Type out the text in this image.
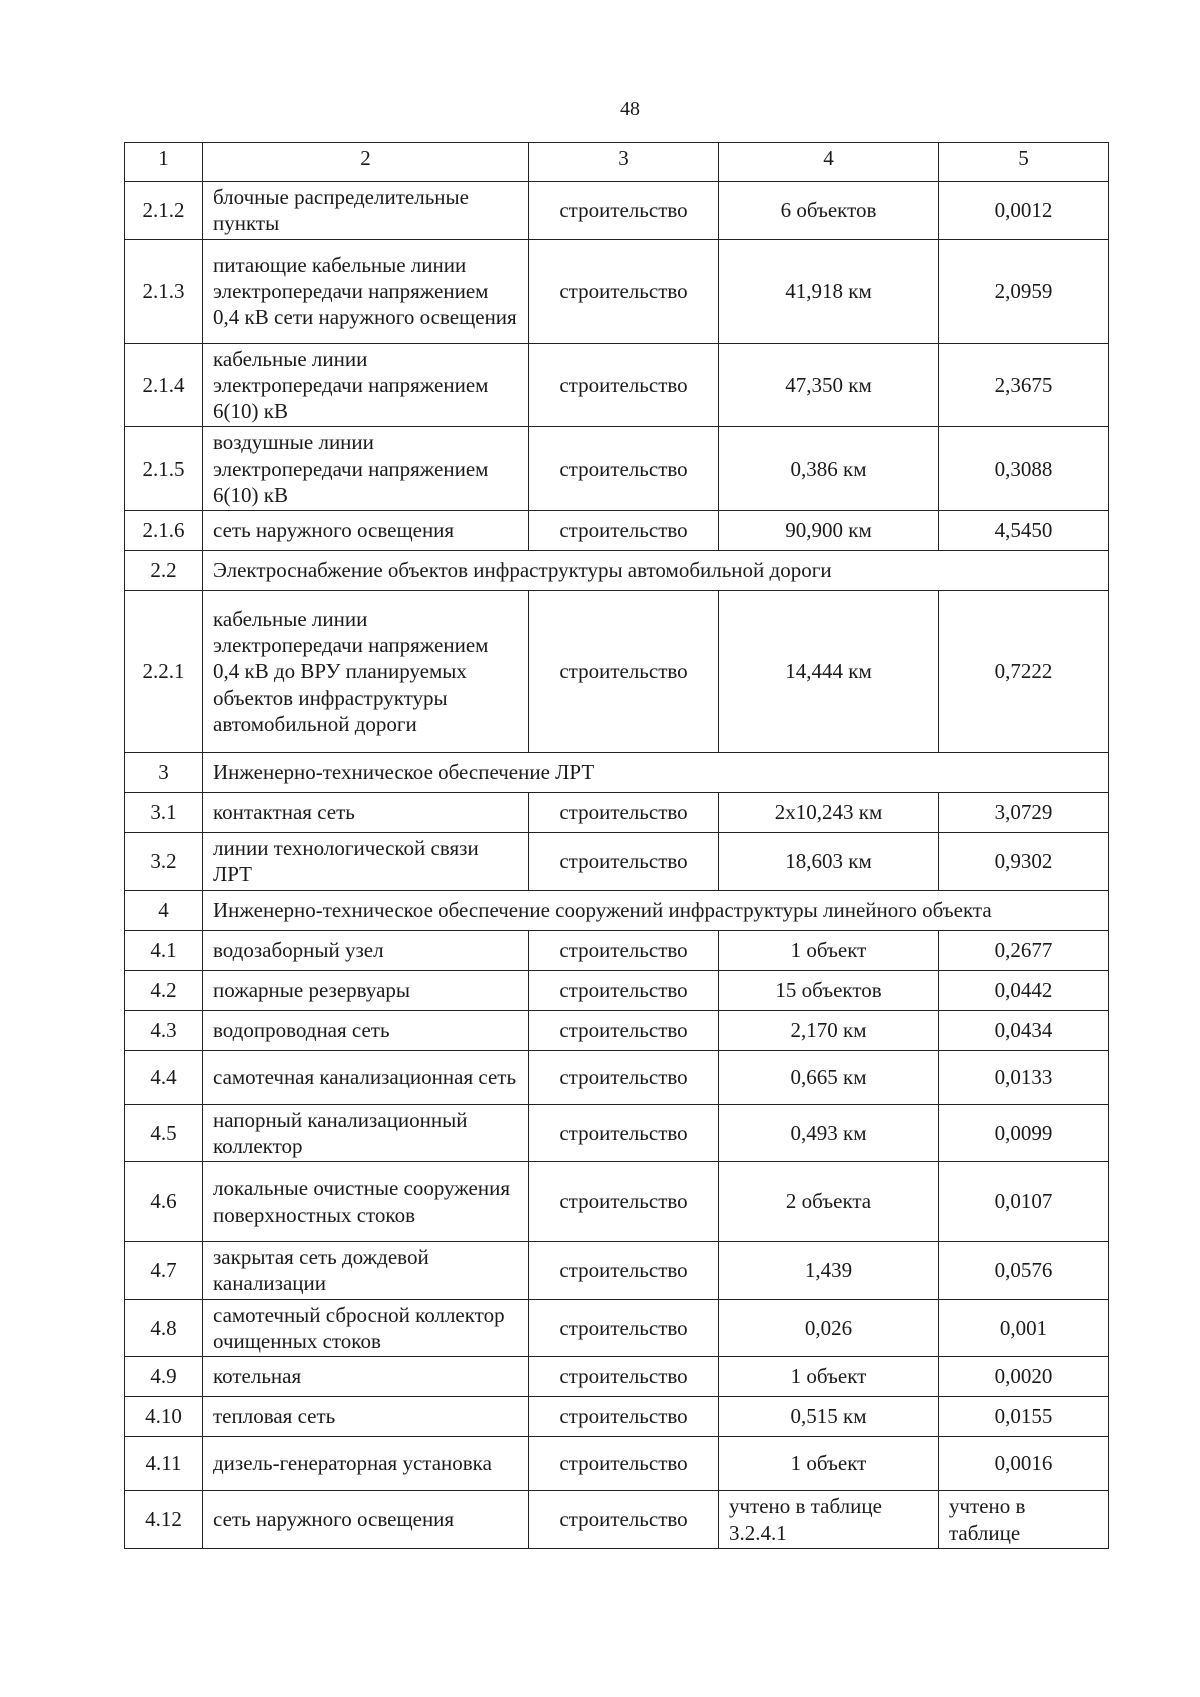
48
1	2	3	4	5
2.1.2	блочные распределительные пункты	строительство	6 объектов	0,0012
2.1.3	питающие кабельные линии электропередачи напряжением 0,4 кВ сети наружного освещения	строительство	41,918 км	2,0959
2.1.4	кабельные линии электропередачи напряжением 6(10) кВ	строительство	47,350 км	2,3675
2.1.5	воздушные линии электропередачи напряжением 6(10) кВ	строительство	0,386 км	0,3088
2.1.6	сеть наружного освещения	строительство	90,900 км	4,5450
2.2	Электроснабжение объектов инфраструктуры автомобильной дороги			
2.2.1	кабельные линии электропередачи напряжением 0,4 кВ до ВРУ планируемых объектов инфраструктуры автомобильной дороги	строительство	14,444 км	0,7222
3	Инженерно-техническое обеспечение ЛРТ			
3.1	контактная сеть	строительство	2х10,243 км	3,0729
3.2	линии технологической связи ЛРТ	строительство	18,603 км	0,9302
4	Инженерно-техническое обеспечение сооружений инфраструктуры линейного объекта			
4.1	водозаборный узел	строительство	1 объект	0,2677
4.2	пожарные резервуары	строительство	15 объектов	0,0442
4.3	водопроводная сеть	строительство	2,170 км	0,0434
4.4	самотечная канализационная сеть	строительство	0,665 км	0,0133
4.5	напорный канализационный коллектор	строительство	0,493 км	0,0099
4.6	локальные очистные сооружения поверхностных стоков	строительство	2 объекта	0,0107
4.7	закрытая сеть дождевой канализации	строительство	1,439	0,0576
4.8	самотечный сбросной коллектор очищенных стоков	строительство	0,026	0,001
4.9	котельная	строительство	1 объект	0,0020
4.10	тепловая сеть	строительство	0,515 км	0,0155
4.11	дизель-генераторная установка	строительство	1 объект	0,0016
4.12	сеть наружного освещения	строительство	учтено в таблице 3.2.4.1	учтено в таблице
